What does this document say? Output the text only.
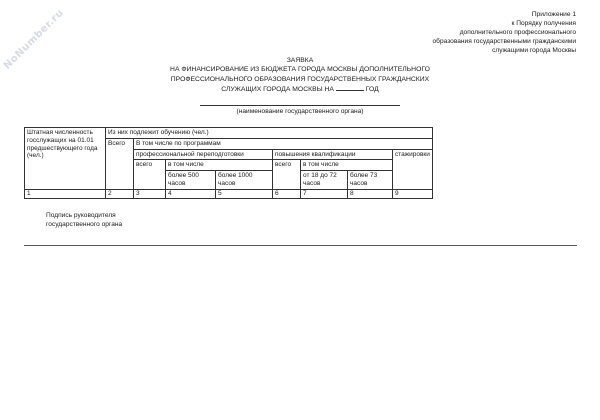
NoNumber.ru	Приложение 1
к Порядку получения
дополнительного профессионального
образования государственными гражданскими
служащими города Москвы
ЗАЯВКА
НА ФИНАНСИРОВАНИЕ ИЗ БЮДЖЕТА ГОРОДА МОСКВЫ ДОПОЛНИТЕЛЬНОГО
ПРОФЕССИОНАЛЬНОГО ОБРАЗОВАНИЯ ГОСУДАРСТВЕННЫХ ГРАЖДАНСКИХ
СЛУЖАЩИХ ГОРОДА МОСКВЫ НА	ГОД
(наименование государственного органа)
Штатная численность госслужащих на 01.01 предшествующего года (чел.)	Из них подлежит обучению (чел.)							
	Всего	В том числе по программам						
		профессиональной переподготовки			повышения квалификации			стажировки
		всего	в том числе		всего	в том числе		
			более 500 часов	более 1000 часов		от 18 до 72 часов	более 73 часов	
1	2	3	4	5	6	7	8	9
Подпись руководителя
государственного органа
